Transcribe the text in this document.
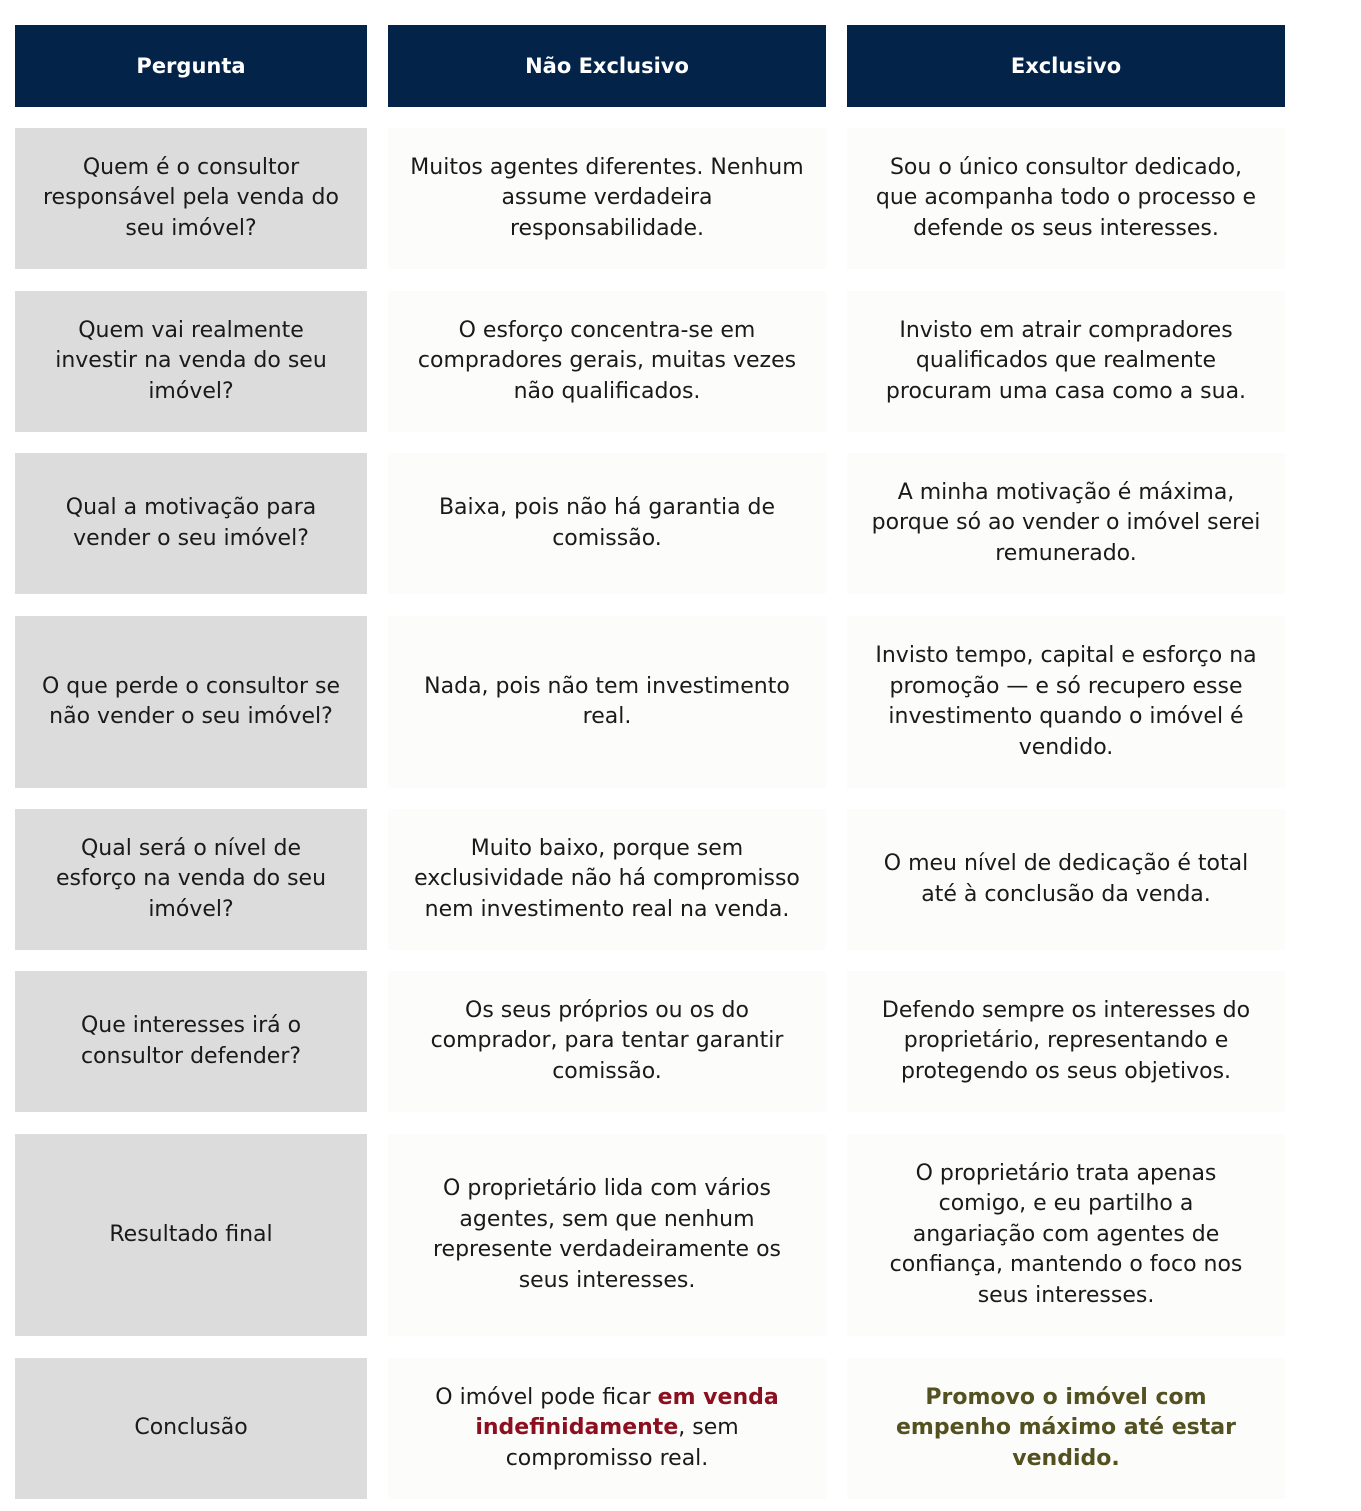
Pergunta	Não Exclusivo	Exclusivo
Quem é o consultor responsável pela venda do seu imóvel?
Muitos agentes diferentes. Nenhum assume verdadeira responsabilidade.
Sou o único consultor dedicado, que acompanha todo o processo e defende os seus interesses.
Quem vai realmente investir na venda do seu imóvel?
O esforço concentra-se em compradores gerais, muitas vezes não qualificados.
Invisto em atrair compradores qualificados que realmente procuram uma casa como a sua.
Qual a motivação para vender o seu imóvel?
Baixa, pois não há garantia de comissão.
A minha motivação é máxima, porque só ao vender o imóvel serei remunerado.
O que perde o consultor se não vender o seu imóvel?
Nada, pois não tem investimento real.
Invisto tempo, capital e esforço na promoção — e só recupero esse investimento quando o imóvel é vendido.
Qual será o nível de esforço na venda do seu imóvel?
Muito baixo, porque sem exclusividade não há compromisso nem investimento real na venda.
O meu nível de dedicação é total até à conclusão da venda.
Que interesses irá o consultor defender?
Os seus próprios ou os do comprador, para tentar garantir comissão.
Defendo sempre os interesses do proprietário, representando e protegendo os seus objetivos.
Resultado final
O proprietário lida com vários agentes, sem que nenhum represente verdadeiramente os seus interesses.
O proprietário trata apenas comigo, e eu partilho a angariação com agentes de confiança, mantendo o foco nos seus interesses.
Conclusão
O imóvel pode ficar em venda indefinidamente, sem compromisso real.
Promovo o imóvel com empenho máximo até estar vendido.
